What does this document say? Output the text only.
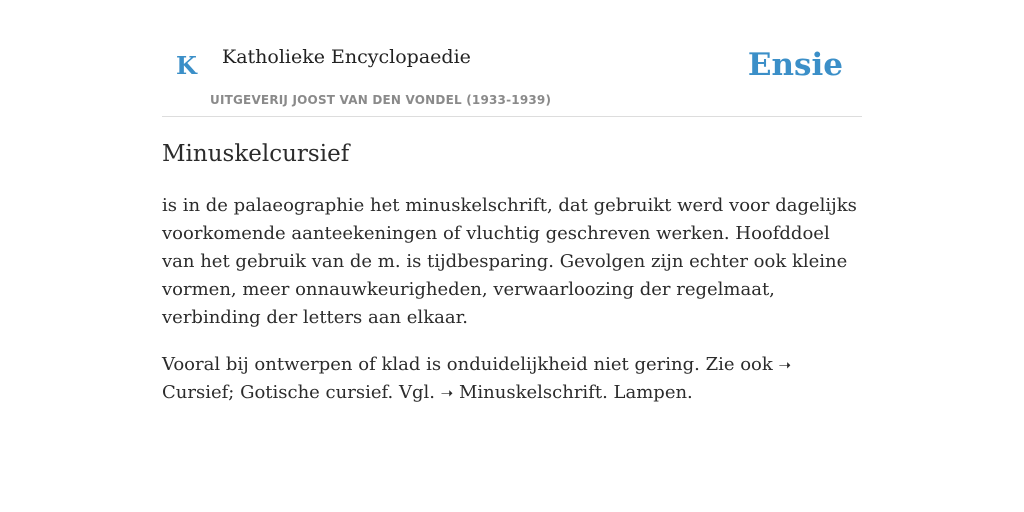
K Katholieke Encyclopaedie
UITGEVERIJ JOOST VAN DEN VONDEL (1933-1939)
Ensie
Minuskelcursief

is in de palaeographie het minuskelschrift, dat gebruikt werd voor dagelijks voorkomende aanteekeningen of vluchtig geschreven werken. Hoofddoel van het gebruik van de m. is tijdbesparing. Gevolgen zijn echter ook kleine vormen, meer onnauwkeurigheden, verwaarloozing der regelmaat, verbinding der letters aan elkaar.

Vooral bij ontwerpen of klad is onduidelijkheid niet gering. Zie ook ➝ Cursief; Gotische cursief. Vgl. ➝ Minuskelschrift. Lampen.
